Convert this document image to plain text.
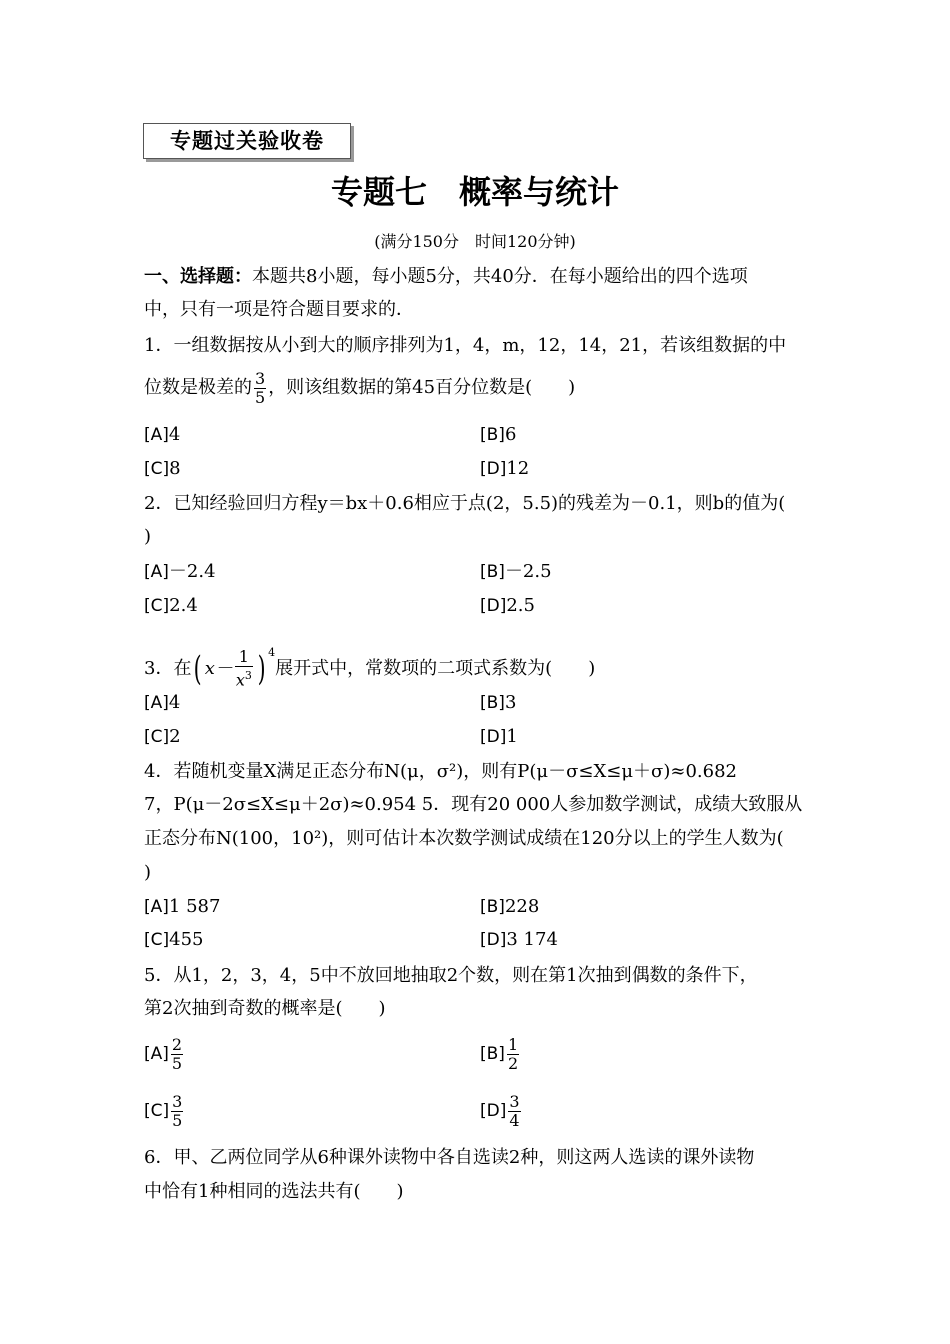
专题过关验收卷
专题七　概率与统计
(满分150分　时间120分钟)
一、选择题：本题共8小题，每小题5分，共40分．在每小题给出的四个选项
中，只有一项是符合题目要求的．
1．一组数据按从小到大的顺序排列为1，4，m，12，14，21，若该组数据的中
位数是极差的 $\frac{3}{5}$ ，则该组数据的第45百分位数是(　　)
[A]4	[B]6
[C]8	[D]12
2．已知经验回归方程y＝bx＋0.6相应于点(2，5.5)的残差为－0.1，则b的值为(
)
[A]－2.4	[B]－2.5
[C]2.4	[D]2.5
3．在( $x- \frac{1}{x^3}$ ) $^4$展开式中，常数项的二项式系数为(　　)
[A]4	[B]3
[C]2	[D]1
4．若随机变量X满足正态分布N(μ，σ²)，则有P(μ－σ≤X≤μ＋σ)≈0.682
7，P(μ－2σ≤X≤μ＋2σ)≈0.954 5．现有20 000人参加数学测试，成绩大致服从
正态分布N(100，10²)，则可估计本次数学测试成绩在120分以上的学生人数为(
)
[A]1 587	[B]228
[C]455	[D]3 174
5．从1，2，3，4，5中不放回地抽取2个数，则在第1次抽到偶数的条件下，
第2次抽到奇数的概率是(　　)
$[A] \frac{2}{5}$	$[B] \frac{1}{2}$
$[C] \frac{3}{5}$	$[D] \frac{3}{4}$
6．甲、乙两位同学从6种课外读物中各自选读2种，则这两人选读的课外读物
中恰有1种相同的选法共有(　　)
